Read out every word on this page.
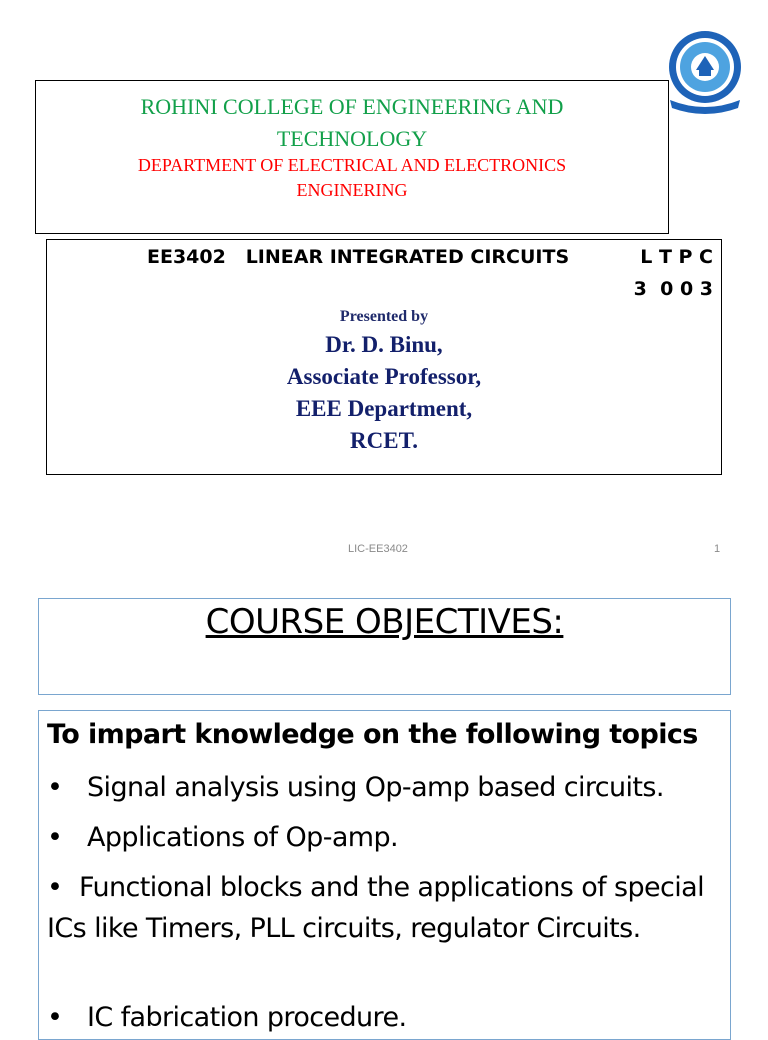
ROHINI COLLEGE OF ENGINEERING AND
TECHNOLOGY
DEPARTMENT OF ELECTRICAL AND ELECTRONICS
ENGINERING
EE3402 LINEAR INTEGRATED CIRCUITS	L T P C
3  0 0 3
Presented by
Dr. D. Binu,
Associate Professor,
EEE Department,
RCET.
LIC-EE3402	1
COURSE OBJECTIVES:
To impart knowledge on the following topics
• Signal analysis using Op-amp based circuits.
• Applications of Op-amp.
• Functional blocks and the applications of special ICs like Timers, PLL circuits, regulator Circuits.
• IC fabrication procedure.
